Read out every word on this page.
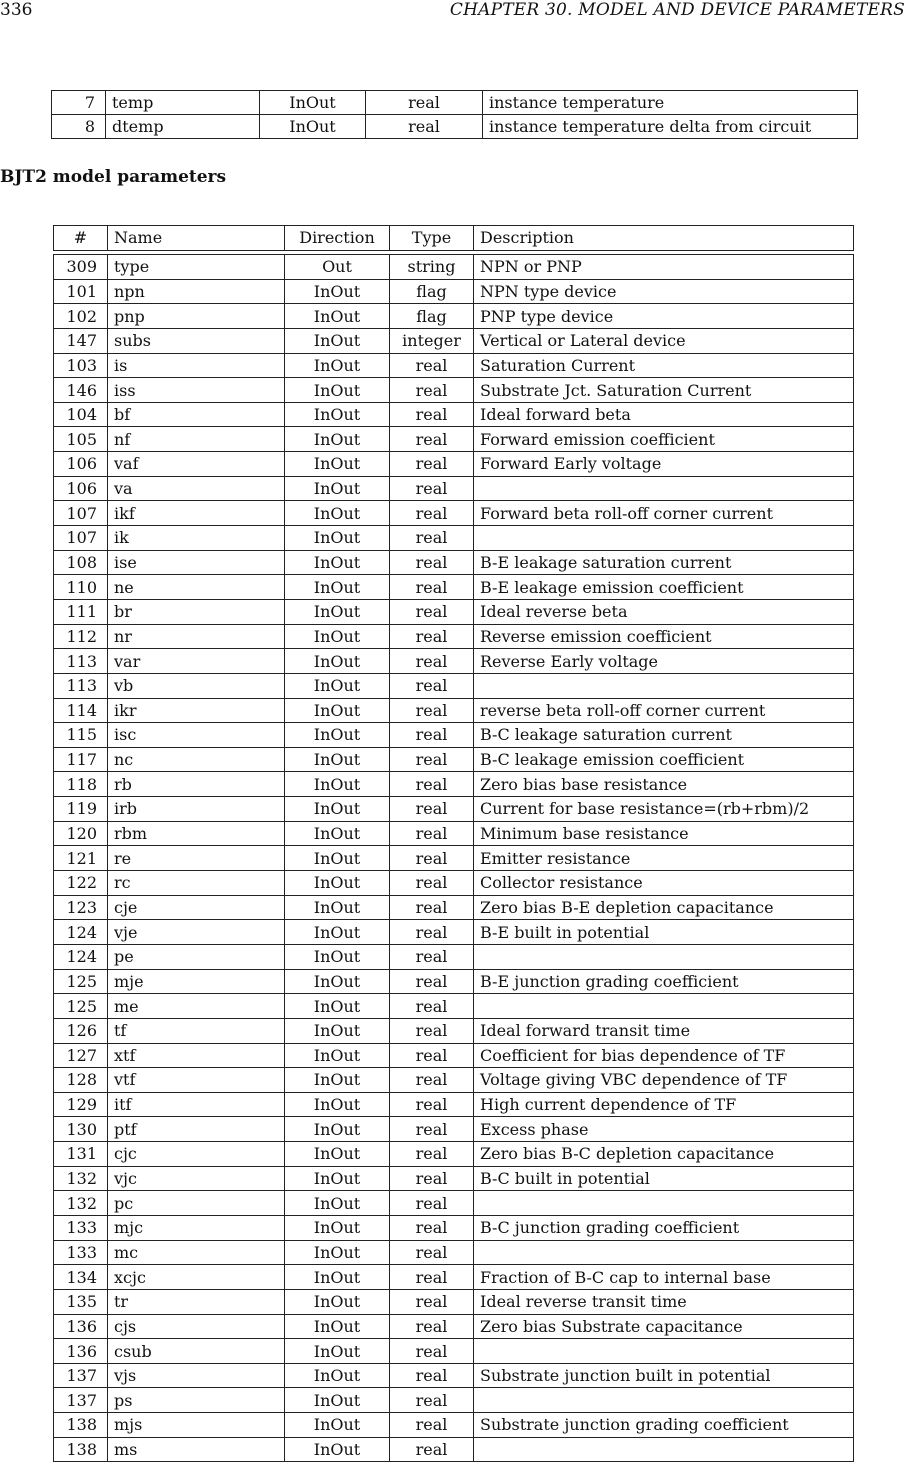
336	CHAPTER 30. MODEL AND DEVICE PARAMETERS
7	temp	InOut	real	instance temperature
8	dtemp	InOut	real	instance temperature delta from circuit
BJT2 model parameters
#	Name	Direction	Type	Description
309	type	Out	string	NPN or PNP
101	npn	InOut	flag	NPN type device
102	pnp	InOut	flag	PNP type device
147	subs	InOut	integer	Vertical or Lateral device
103	is	InOut	real	Saturation Current
146	iss	InOut	real	Substrate Jct. Saturation Current
104	bf	InOut	real	Ideal forward beta
105	nf	InOut	real	Forward emission coefficient
106	vaf	InOut	real	Forward Early voltage
106	va	InOut	real	
107	ikf	InOut	real	Forward beta roll-off corner current
107	ik	InOut	real	
108	ise	InOut	real	B-E leakage saturation current
110	ne	InOut	real	B-E leakage emission coefficient
111	br	InOut	real	Ideal reverse beta
112	nr	InOut	real	Reverse emission coefficient
113	var	InOut	real	Reverse Early voltage
113	vb	InOut	real	
114	ikr	InOut	real	reverse beta roll-off corner current
115	isc	InOut	real	B-C leakage saturation current
117	nc	InOut	real	B-C leakage emission coefficient
118	rb	InOut	real	Zero bias base resistance
119	irb	InOut	real	Current for base resistance=(rb+rbm)/2
120	rbm	InOut	real	Minimum base resistance
121	re	InOut	real	Emitter resistance
122	rc	InOut	real	Collector resistance
123	cje	InOut	real	Zero bias B-E depletion capacitance
124	vje	InOut	real	B-E built in potential
124	pe	InOut	real	
125	mje	InOut	real	B-E junction grading coefficient
125	me	InOut	real	
126	tf	InOut	real	Ideal forward transit time
127	xtf	InOut	real	Coefficient for bias dependence of TF
128	vtf	InOut	real	Voltage giving VBC dependence of TF
129	itf	InOut	real	High current dependence of TF
130	ptf	InOut	real	Excess phase
131	cjc	InOut	real	Zero bias B-C depletion capacitance
132	vjc	InOut	real	B-C built in potential
132	pc	InOut	real	
133	mjc	InOut	real	B-C junction grading coefficient
133	mc	InOut	real	
134	xcjc	InOut	real	Fraction of B-C cap to internal base
135	tr	InOut	real	Ideal reverse transit time
136	cjs	InOut	real	Zero bias Substrate capacitance
136	csub	InOut	real	
137	vjs	InOut	real	Substrate junction built in potential
137	ps	InOut	real	
138	mjs	InOut	real	Substrate junction grading coefficient
138	ms	InOut	real	
